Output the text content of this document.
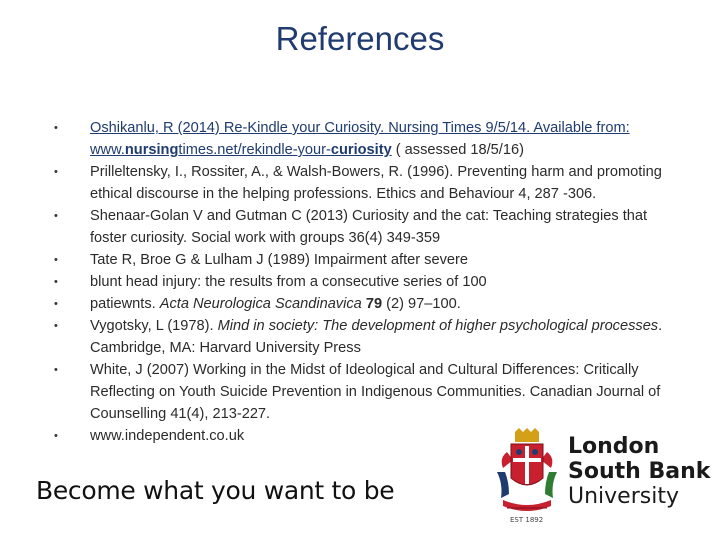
References
• Oshikanlu, R (2014) Re-Kindle your Curiosity. Nursing Times 9/5/14. Available from: www.nursingtimes.net/rekindle-your-curiosity ( assessed 18/5/16)
• Prilleltensky, I., Rossiter, A., & Walsh-Bowers, R. (1996). Preventing harm and promoting ethical discourse in the helping professions. Ethics and Behaviour 4, 287 -306.
• Shenaar-Golan V and Gutman C (2013) Curiosity and the cat: Teaching strategies that foster curiosity. Social work with groups 36(4) 349-359
• Tate R, Broe G & Lulham J (1989) Impairment after severe
• blunt head injury: the results from a consecutive series of 100
• patiewnts. Acta Neurologica Scandinavica 79 (2) 97–100.
• Vygotsky, L (1978). Mind in society: The development of higher psychological processes. Cambridge, MA: Harvard University Press
• White, J (2007) Working in the Midst of Ideological and Cultural Differences: Critically Reflecting on Youth Suicide Prevention in Indigenous Communities. Canadian Journal of Counselling 41(4), 213-227.
• www.independent.co.uk
Become what you want to be
London
South Bank
University
EST 1892
